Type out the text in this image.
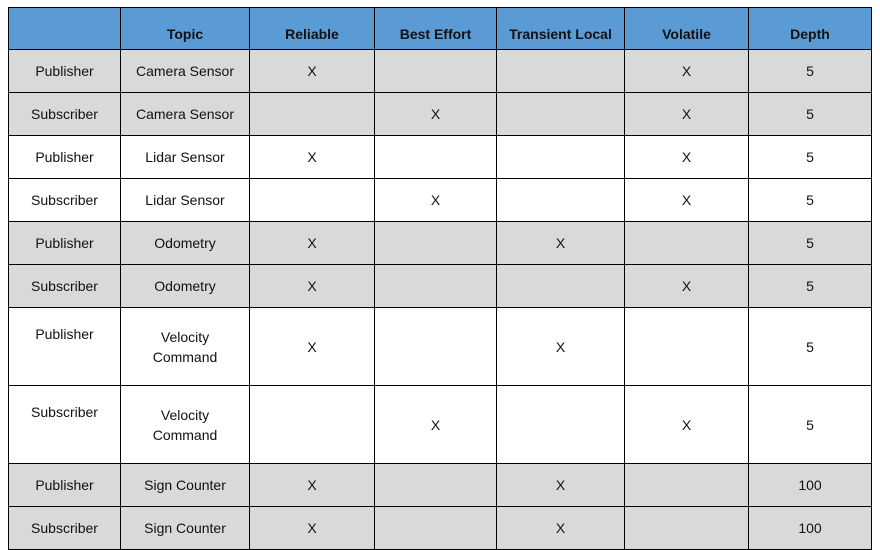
	Topic	Reliable	Best Effort	Transient Local	Volatile	Depth
Publisher	Camera Sensor	X			X	5
Subscriber	Camera Sensor		X		X	5
Publisher	Lidar Sensor	X			X	5
Subscriber	Lidar Sensor		X		X	5
Publisher	Odometry	X		X		5
Subscriber	Odometry	X			X	5
Publisher	Velocity Command	X		X		5
Subscriber	Velocity Command		X		X	5
Publisher	Sign Counter	X		X		100
Subscriber	Sign Counter	X		X		100
